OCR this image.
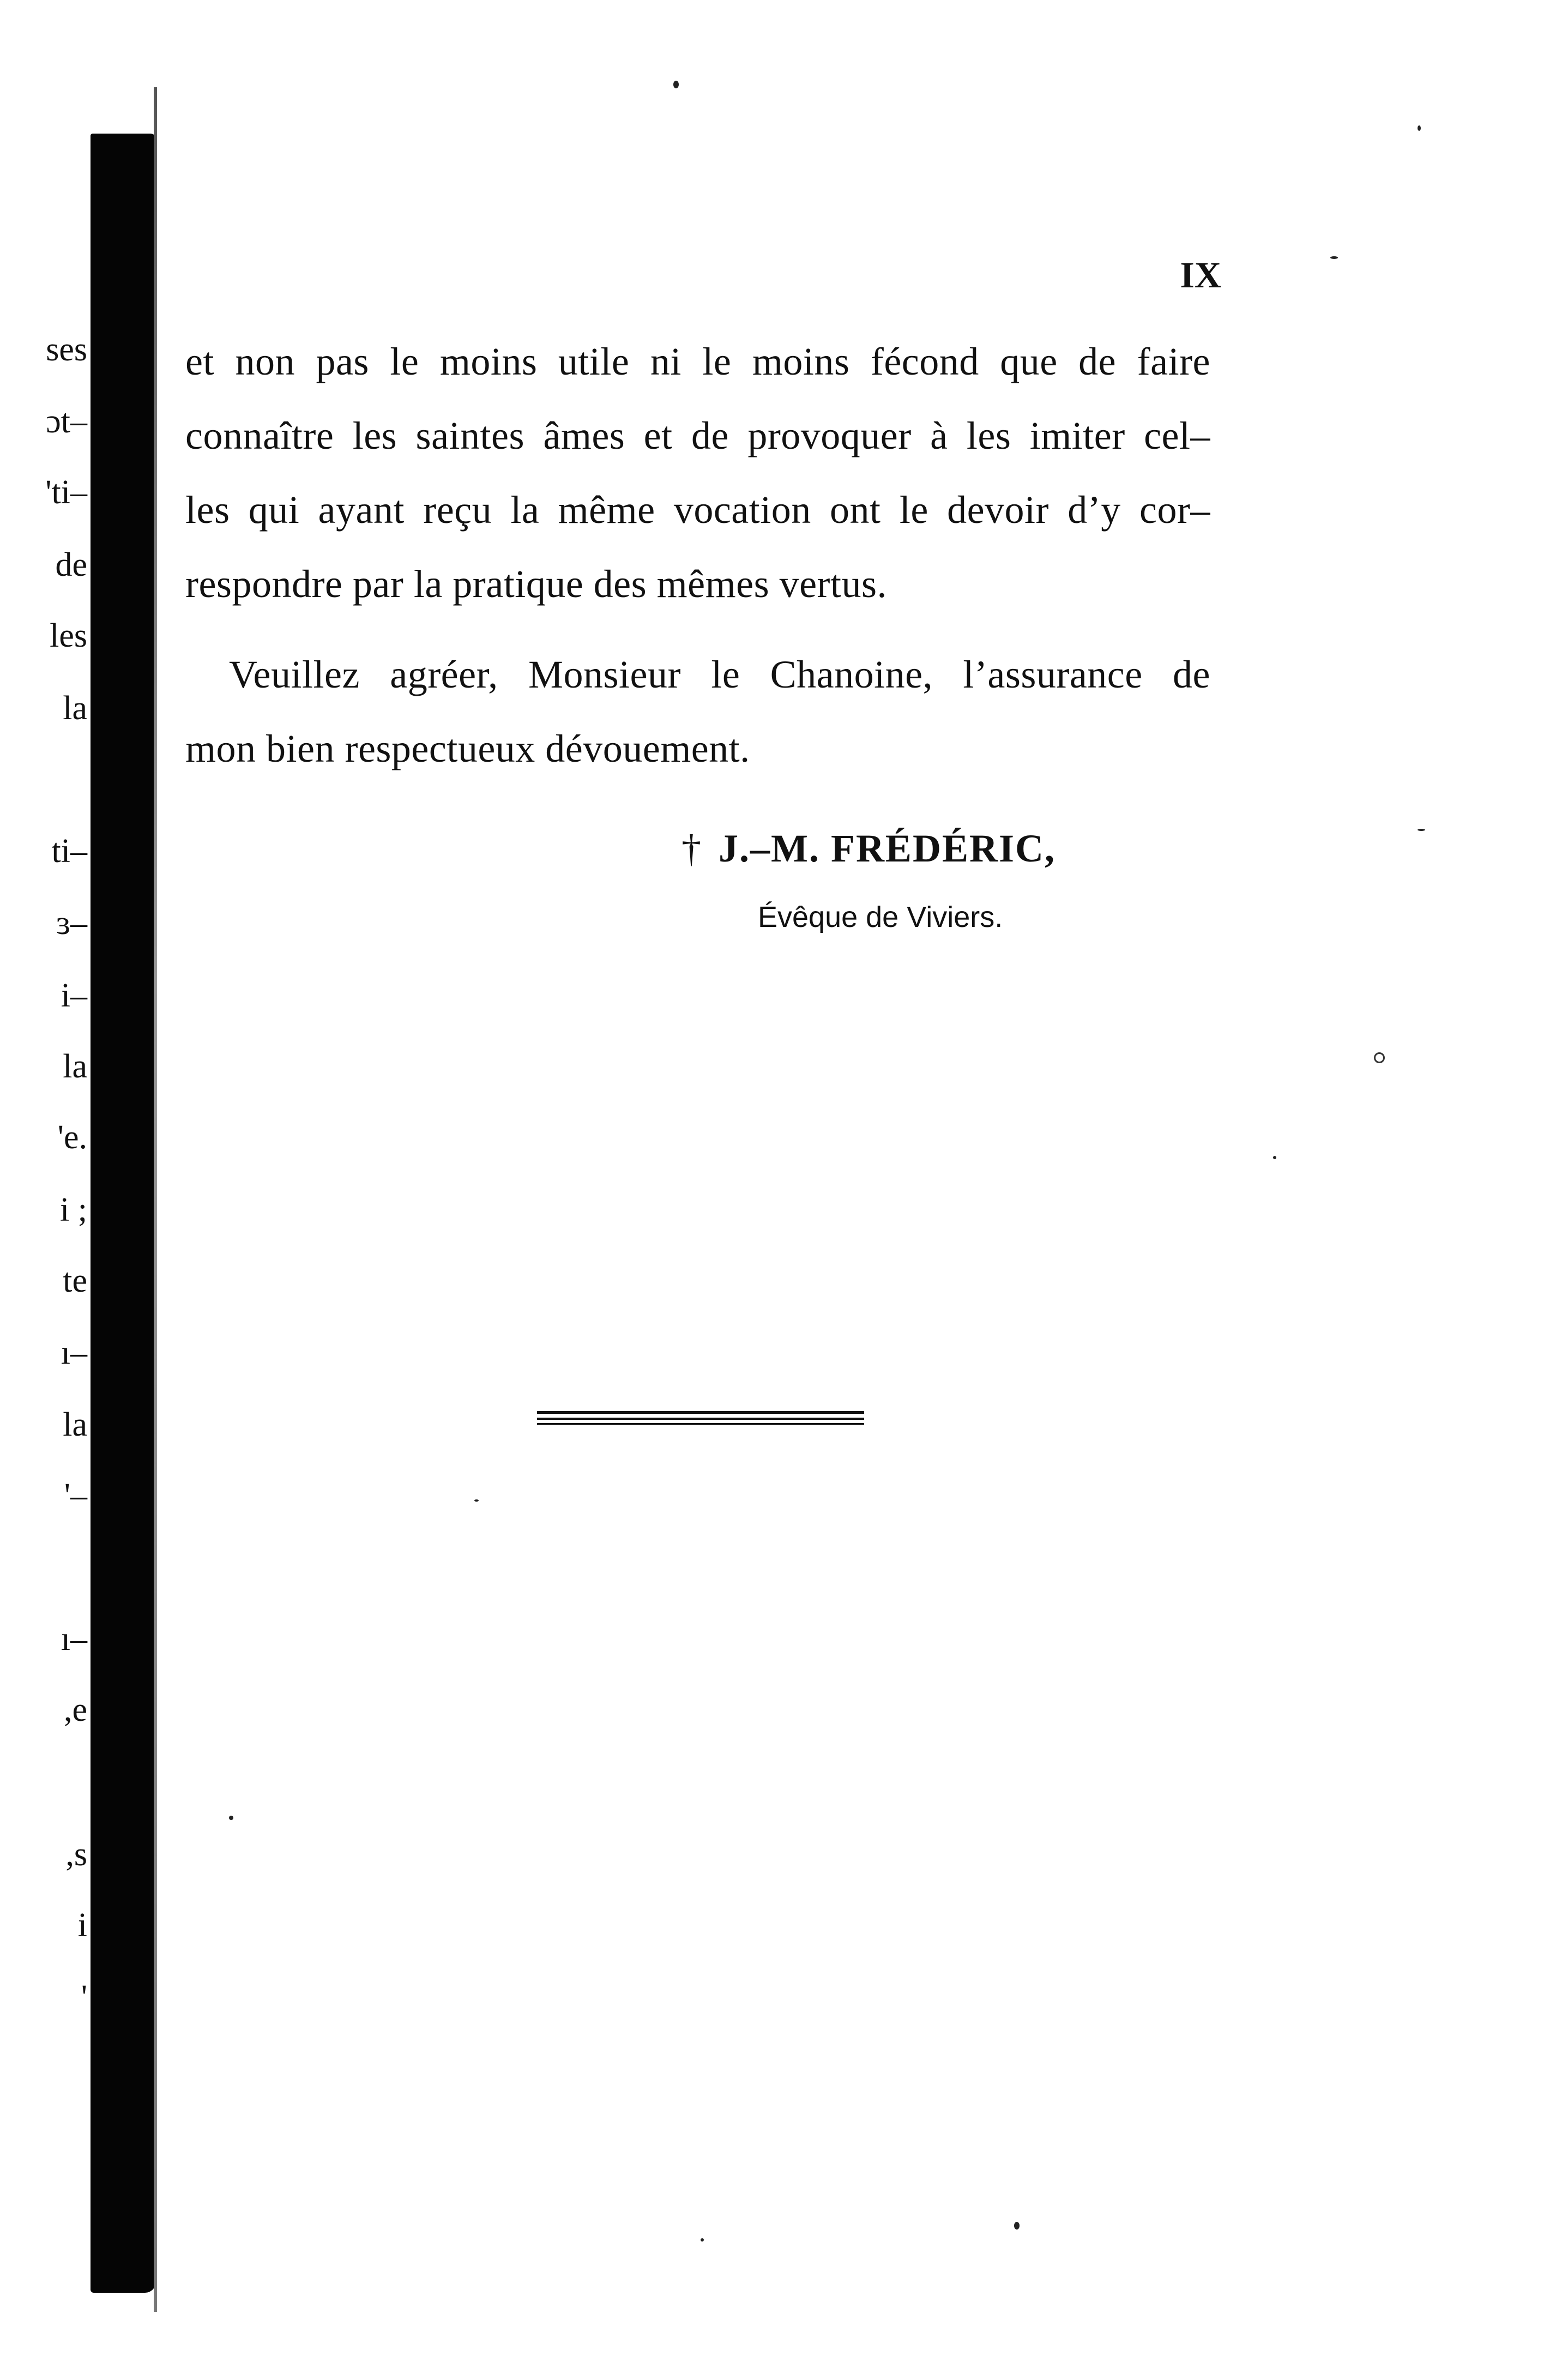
ses
ɔt–
'ti–
de
les
la
ti–
ɜ–
i–
la
'e.
i ;
te
ı–
la
'–
ı–
,e
,s
i
'
IX
et non pas le moins utile ni le moins fécond que de faire
connaître les saintes âmes et de provoquer à les imiter cel–
les qui ayant reçu la même vocation ont le devoir d’y cor–
respondre par la pratique des mêmes vertus.
Veuillez agréer, Monsieur le Chanoine, l’assurance de
mon bien respectueux dévouement.
† J.–M. FRÉDÉRIC,
Évêque de Viviers.
